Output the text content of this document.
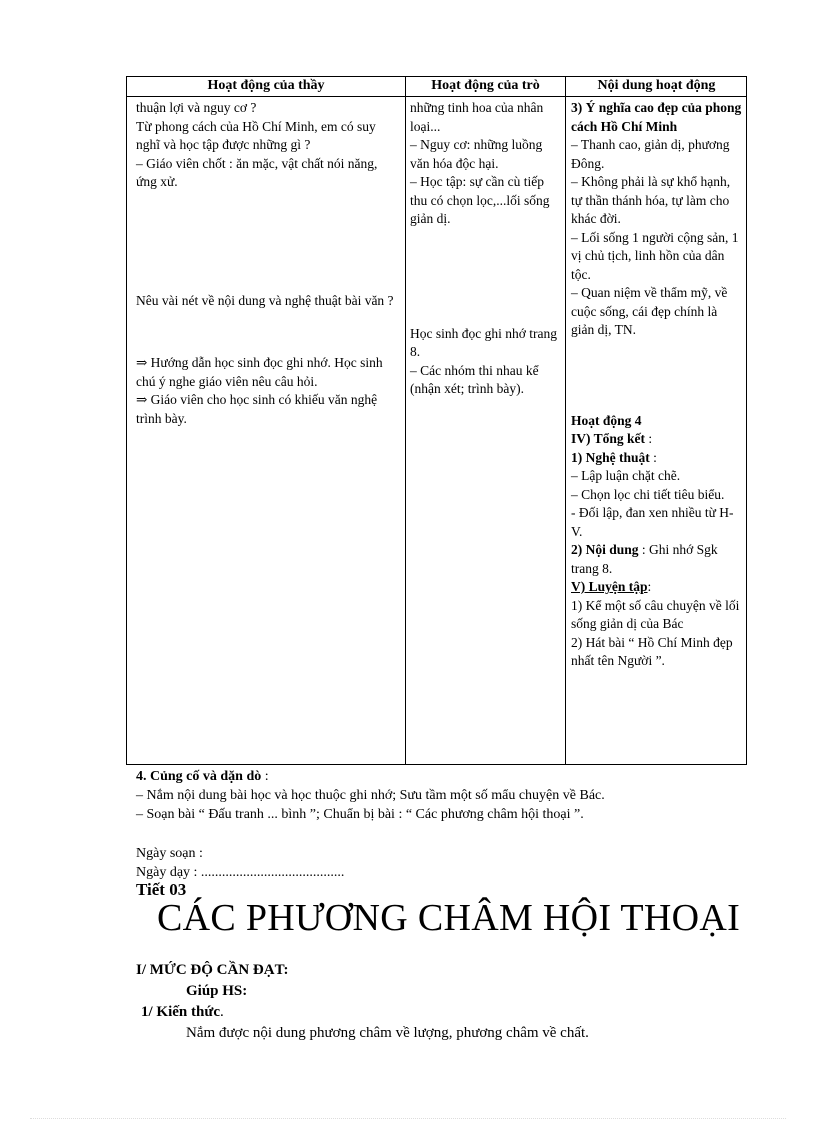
Hoạt động của thầy	Hoạt động của trò	Nội dung hoạt động

thuận lợi và nguy cơ ?

Từ phong cách của Hồ Chí Minh, em có suy nghĩ và học tập được những gì ?

– Giáo viên chốt : ăn mặc, vật chất nói năng, ứng xử.

Nêu vài nét về nội dung và nghệ thuật bài văn ?

⇒ Hướng dẫn học sinh đọc ghi nhớ. Học sinh chú ý nghe giáo viên nêu câu hỏi.

⇒ Giáo viên cho học sinh có khiếu văn nghệ trình bày.

những tinh hoa của nhân loại...

– Nguy cơ: những luồng văn hóa độc hại.

– Học tập: sự cần cù tiếp thu có chọn lọc,...lối sống giản dị.

Học sinh đọc ghi nhớ trang 8.

– Các nhóm thi nhau kể (nhận xét; trình bày).

3) Ý nghĩa cao đẹp của phong cách Hồ Chí Minh

– Thanh cao, giản dị, phương Đông.

– Không phải là sự khổ hạnh, tự thần thánh hóa, tự làm cho khác đời.

– Lối sống 1 người cộng sản, 1 vị chủ tịch, linh hồn của dân tộc.

– Quan niệm về thẩm mỹ, về cuộc sống, cái đẹp chính là giản dị, TN.

Hoạt động 4

IV) Tổng kết :

1) Nghệ thuật :

– Lập luận chặt chẽ.

– Chọn lọc chi tiết tiêu biểu.

- Đối lập, đan xen nhiều từ H-V.

2) Nội dung : Ghi nhớ Sgk trang 8.

V) Luyện tập:

1) Kể một số câu chuyện về lối sống giản dị của Bác

2) Hát bài “ Hồ Chí Minh đẹp nhất tên Người ”.

4. Củng cố và dặn dò :
– Nắm nội dung bài học và học thuộc ghi nhớ; Sưu tầm một số mẩu chuyện về Bác.
– Soạn bài “ Đấu tranh ... bình ”; Chuẩn bị bài : “ Các phương châm hội thoại ”.
Ngày soạn :
Ngày dạy : .........................................
Tiết 03
CÁC PHƯƠNG CHÂM HỘI THOẠI
I/ MỨC ĐỘ CẦN ĐẠT:
Giúp HS:
1/ Kiến thức.
Nắm được nội dung phương châm về lượng, phương châm về chất.
